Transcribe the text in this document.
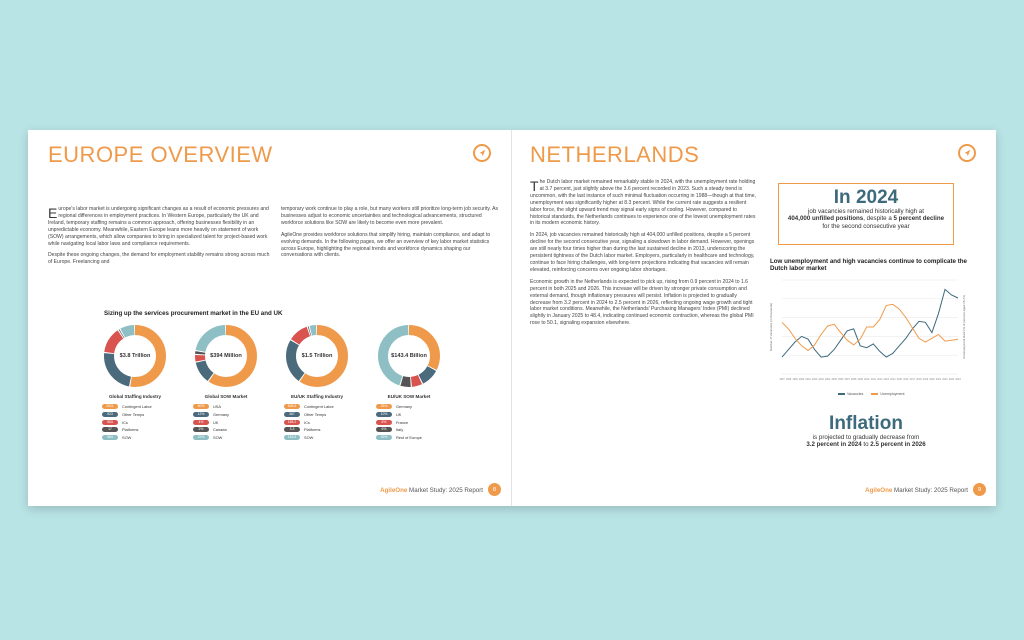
EUROPE OVERVIEW

Europe's labor market is undergoing significant changes as a result of economic pressures and regional differences in employment practices. In Western Europe, particularly the UK and Ireland, temporary staffing remains a common approach, offering businesses flexibility in an unpredictable economy. Meanwhile, Eastern Europe leans more heavily on statement of work (SOW) arrangements, which allow companies to bring in specialized talent for project-based work while navigating local labor laws and compliance requirements.

Despite these ongoing changes, the demand for employment stability remains strong across much of Europe. Freelancing and

temporary work continue to play a role, but many workers still prioritize long-term job security. As businesses adjust to economic uncertainties and technological advancements, structured workforce solutions like SOW are likely to become even more prevalent.

AgileOne provides workforce solutions that simplify hiring, maintain compliance, and adapt to evolving demands. In the following pages, we offer an overview of key labor market statistics across Europe, highlighting the regional trends and workforce dynamics shaping our conversations with clients.

Sizing up the services procurement market in the EU and UK
$3.8 Trillion
Global Staffing Industry
2021	Contingent Labor
923	Other Temps
553	ICs
17	Platforms
584	SOW
$394 Million
Global SOW Market
60%	USA
12%	Germany
4%	UK
2%	Canada
22%	SOW
$1.5 Trillion
EU/UK Staffing Industry
905.6	Contingent Labor
367	Other Temps
165.2	ICs
3.3	Platforms
143.4	SOW
$143.4 Billion
EU/UK SOW Market
33%	Germany
10%	UK
6%	France
6%	Italy
49%	Rest of Europe
AgileOne Market Study: 2025 Report	8
NETHERLANDS

The Dutch labor market remained remarkably stable in 2024, with the unemployment rate holding at 3.7 percent, just slightly above the 3.6 percent recorded in 2023. Such a steady trend is uncommon, with the last instance of such minimal fluctuation occurring in 1988—though at that time, unemployment was significantly higher at 8.3 percent. While the current rate suggests a resilient labor force, the slight upward trend may signal early signs of cooling. However, compared to historical standards, the Netherlands continues to experience one of the lowest unemployment rates in its modern economic history.

In 2024, job vacancies remained historically high at 404,000 unfilled positions, despite a 5 percent decline for the second consecutive year, signaling a slowdown in labor demand. However, openings are still nearly four times higher than during the last sustained decline in 2013, underscoring the persistent tightness of the Dutch labor market. Employers, particularly in healthcare and technology, continue to face hiring challenges, with long-term projections indicating that vacancies will remain elevated, reinforcing concerns over ongoing labor shortages.

Economic growth in the Netherlands is expected to pick up, rising from 0.9 percent in 2024 to 1.6 percent in both 2025 and 2026. This increase will be driven by stronger private consumption and external demand, though inflationary pressures will persist. Inflation is projected to gradually decrease from 3.2 percent in 2024 to 2.5 percent in 2026, reflecting ongoing wage growth and tight labor market conditions. Meanwhile, the Netherlands' Purchasing Managers' Index (PMI) declined slightly in January 2025 to 48.4, indicating continued economic contraction, whereas the global PMI rose to 50.1, signaling expansion elsewhere.

In 2024
job vacancies remained historically high at
404,000 unfilled positions, despite a 5 percent decline
for the second consecutive year
Low unemployment and high vacancies continue to complicate the Dutch labor market
Number of Vacancies (in thousands)	Unemployment Rate (% of persons aged 15-74)
1997 1998 1999 2000 2001 2002 2003 2004 2005 2006 2007 2008 2009 2010 2011 2012 2013 2014 2015 2016 2017 2018 2019 2020 2021 2022 2023 2024
Vacancies	Unemployment
Inflation
is projected to gradually decrease from
3.2 percent in 2024 to 2.5 percent in 2026
AgileOne Market Study: 2025 Report	9
